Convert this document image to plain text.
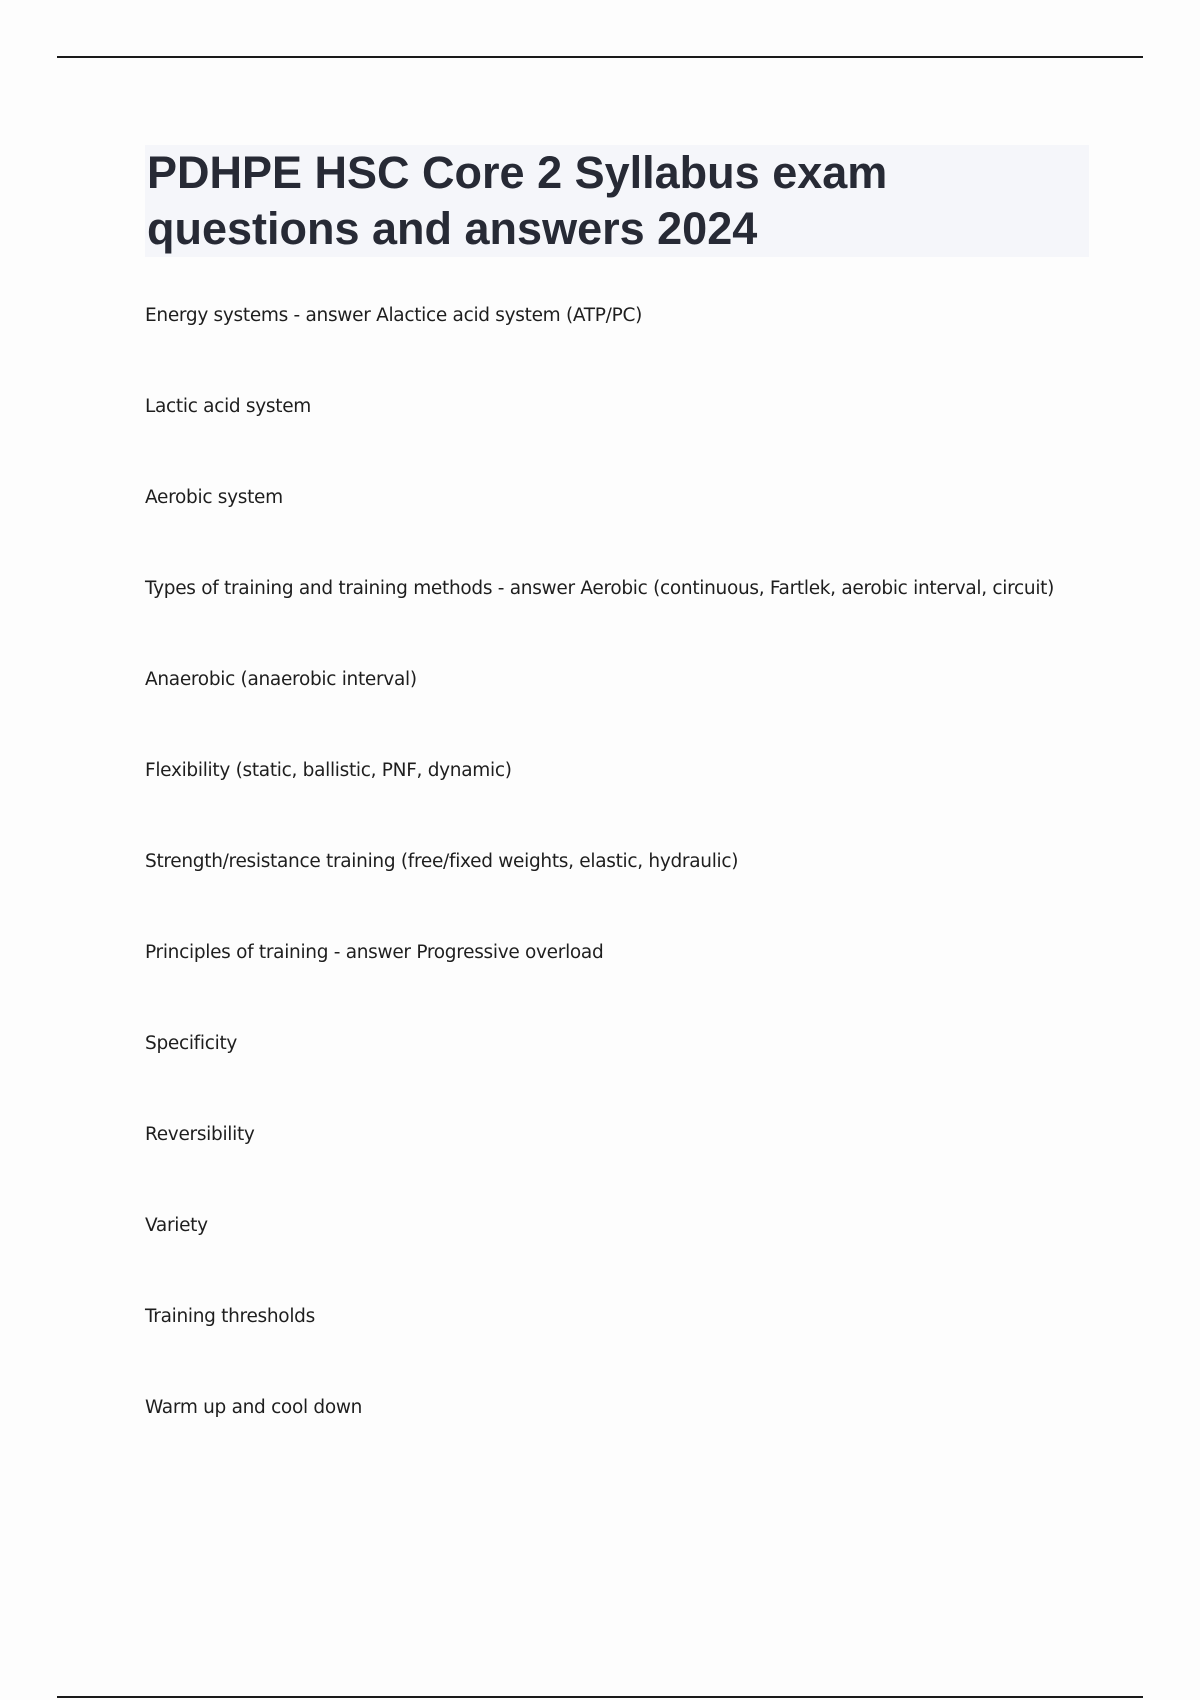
PDHPE HSC Core 2 Syllabus exam questions and answers 2024
Energy systems - answer Alactice acid system (ATP/PC)
Lactic acid system
Aerobic system
Types of training and training methods - answer Aerobic (continuous, Fartlek, aerobic interval, circuit)
Anaerobic (anaerobic interval)
Flexibility (static, ballistic, PNF, dynamic)
Strength/resistance training (free/fixed weights, elastic, hydraulic)
Principles of training - answer Progressive overload
Specificity
Reversibility
Variety
Training thresholds
Warm up and cool down
